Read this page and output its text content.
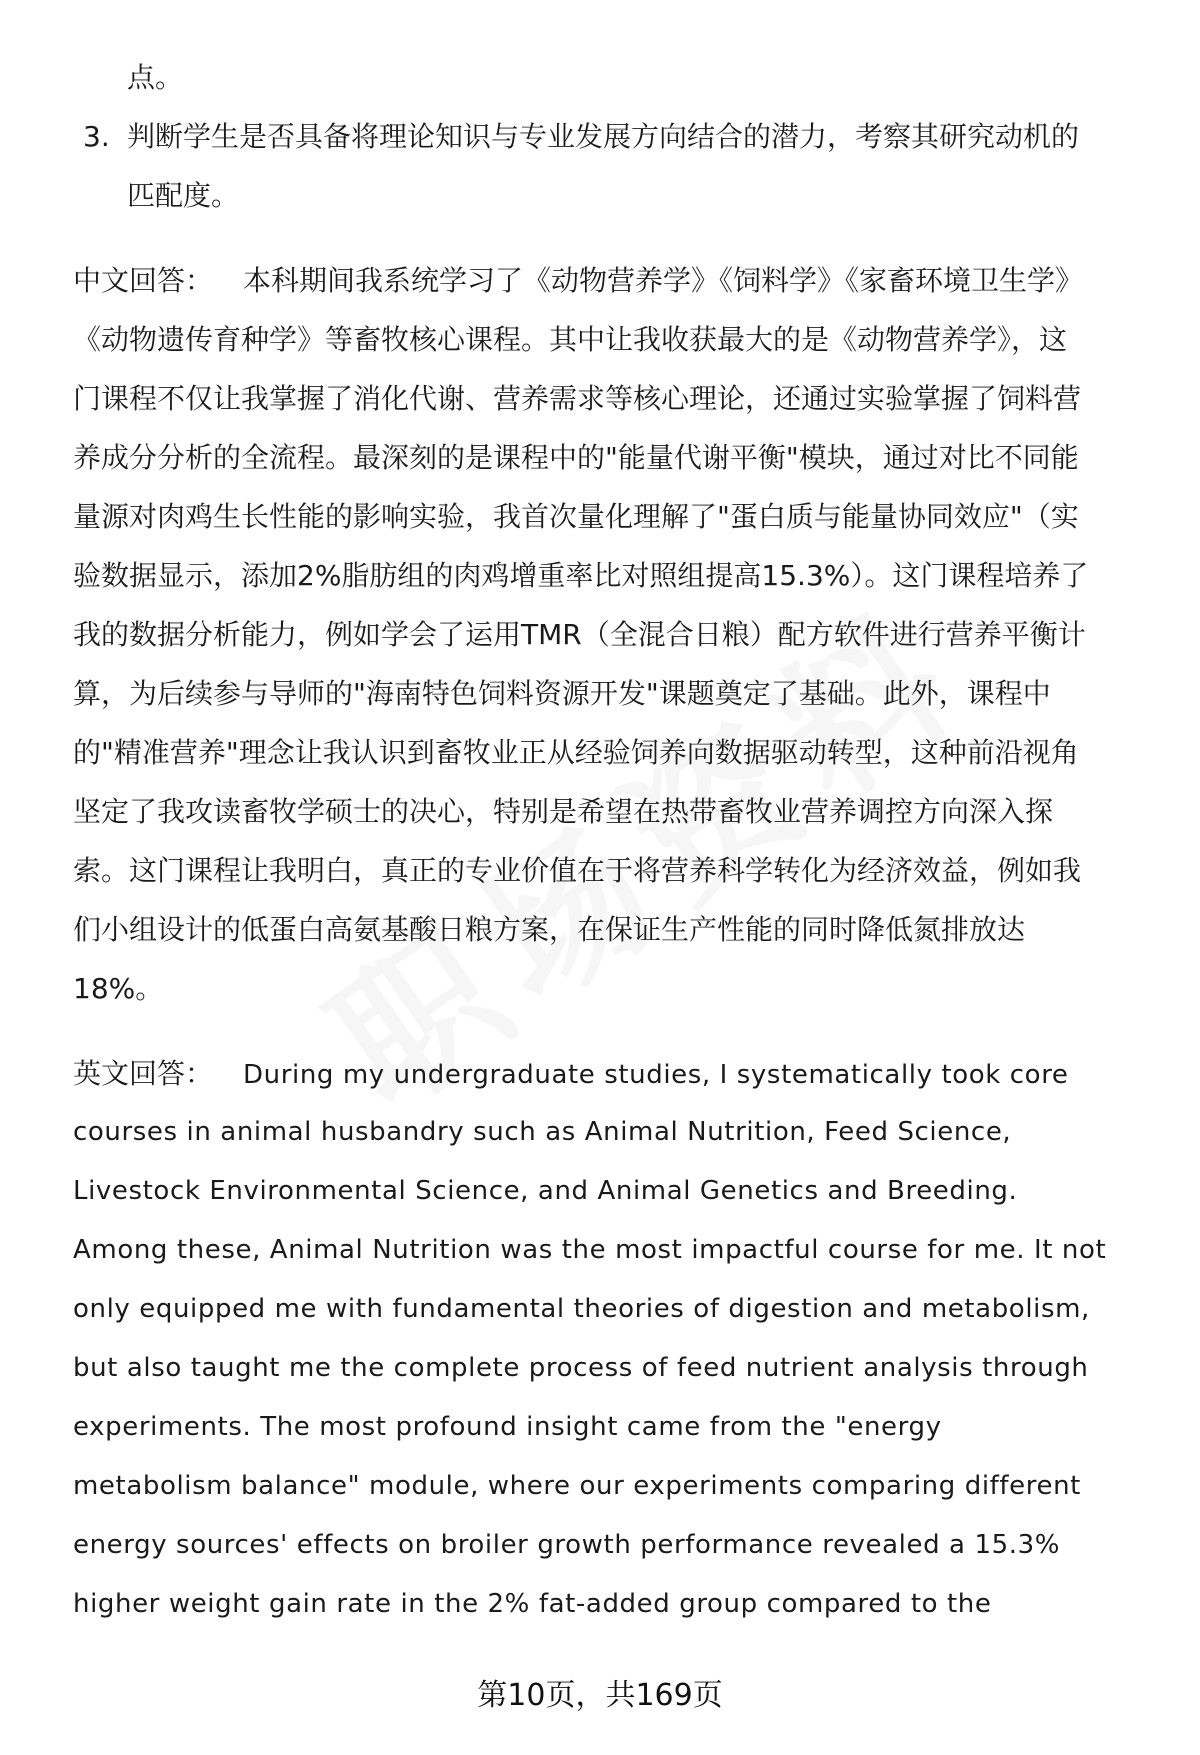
点。
3. 判断学生是否具备将理论知识与专业发展方向结合的潜力，考察其研究动机的
匹配度。
中文回答： 本科期间我系统学习了《动物营养学》《饲料学》《家畜环境卫生学》
《动物遗传育种学》等畜牧核心课程。其中让我收获最大的是《动物营养学》，这
门课程不仅让我掌握了消化代谢、营养需求等核心理论，还通过实验掌握了饲料营
养成分分析的全流程。最深刻的是课程中的"能量代谢平衡"模块，通过对比不同能
量源对肉鸡生长性能的影响实验，我首次量化理解了"蛋白质与能量协同效应"（实
验数据显示，添加2%脂肪组的肉鸡增重率比对照组提高15.3%）。这门课程培养了
我的数据分析能力，例如学会了运用TMR（全混合日粮）配方软件进行营养平衡计
算，为后续参与导师的"海南特色饲料资源开发"课题奠定了基础。此外，课程中
的"精准营养"理念让我认识到畜牧业正从经验饲养向数据驱动转型，这种前沿视角
坚定了我攻读畜牧学硕士的决心，特别是希望在热带畜牧业营养调控方向深入探
索。这门课程让我明白，真正的专业价值在于将营养科学转化为经济效益，例如我
们小组设计的低蛋白高氨基酸日粮方案，在保证生产性能的同时降低氮排放达
18%。
英文回答： During my undergraduate studies, I systematically took core
courses in animal husbandry such as Animal Nutrition, Feed Science,
Livestock Environmental Science, and Animal Genetics and Breeding.
Among these, Animal Nutrition was the most impactful course for me. It not
only equipped me with fundamental theories of digestion and metabolism,
but also taught me the complete process of feed nutrient analysis through
experiments. The most profound insight came from the "energy
metabolism balance" module, where our experiments comparing different
energy sources' effects on broiler growth performance revealed a 15.3%
higher weight gain rate in the 2% fat-added group compared to the
第10页，共169页
